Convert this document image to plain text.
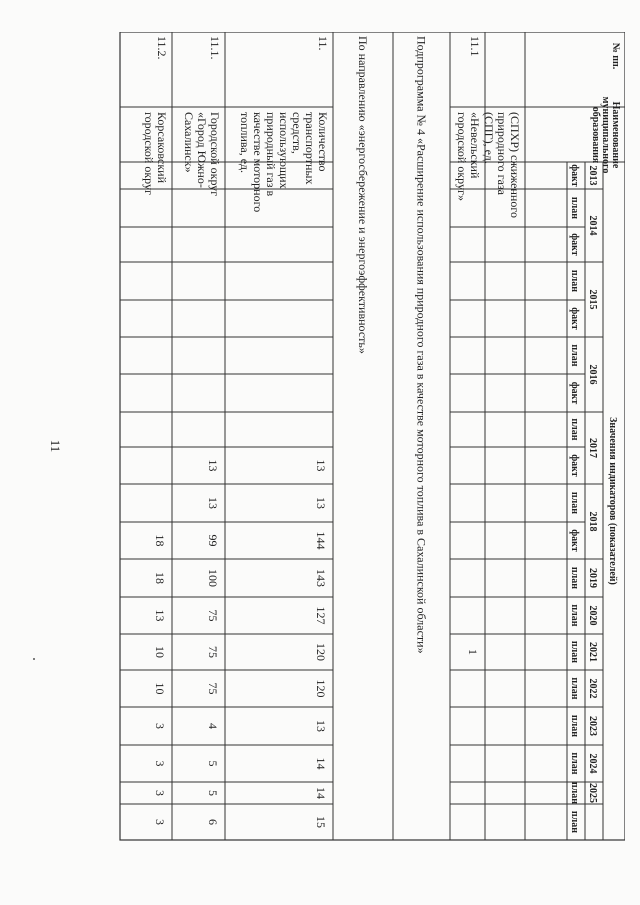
11
№ пп.
Наименование
муниципального
образования
Значения индикаторов (показателей)
2013
2014
2015
2016
2017
2018
2019
2020
2021
2022
2023
2024
2025
факт
план
факт
план
факт
план
факт
план
факт
план
факт
план
план
план
план
план
план
план
план
(СПХР) сжиженного
природного газа
(СПГ), ед.
11.1
«Невельский
городской округ»
1
Подпрограмма № 4 «Расширение использования природного газа в качестве моторного топлива в Сахалинской области»
По направлению «энергосбережение и энергоэффективность»
11.
Количество
транспортных
средств,
использующих
природный газ в
качестве моторного
топлива, ед.
13
13
144
143
127
120
120
13
14
14
15
11.1.
Городской округ
«Город Южно-
Сахалинск»
13
13
99
100
75
75
75
4
5
5
6
11.2.
Корсаковский
городской округ
18
18
13
10
10
3
3
3
3
